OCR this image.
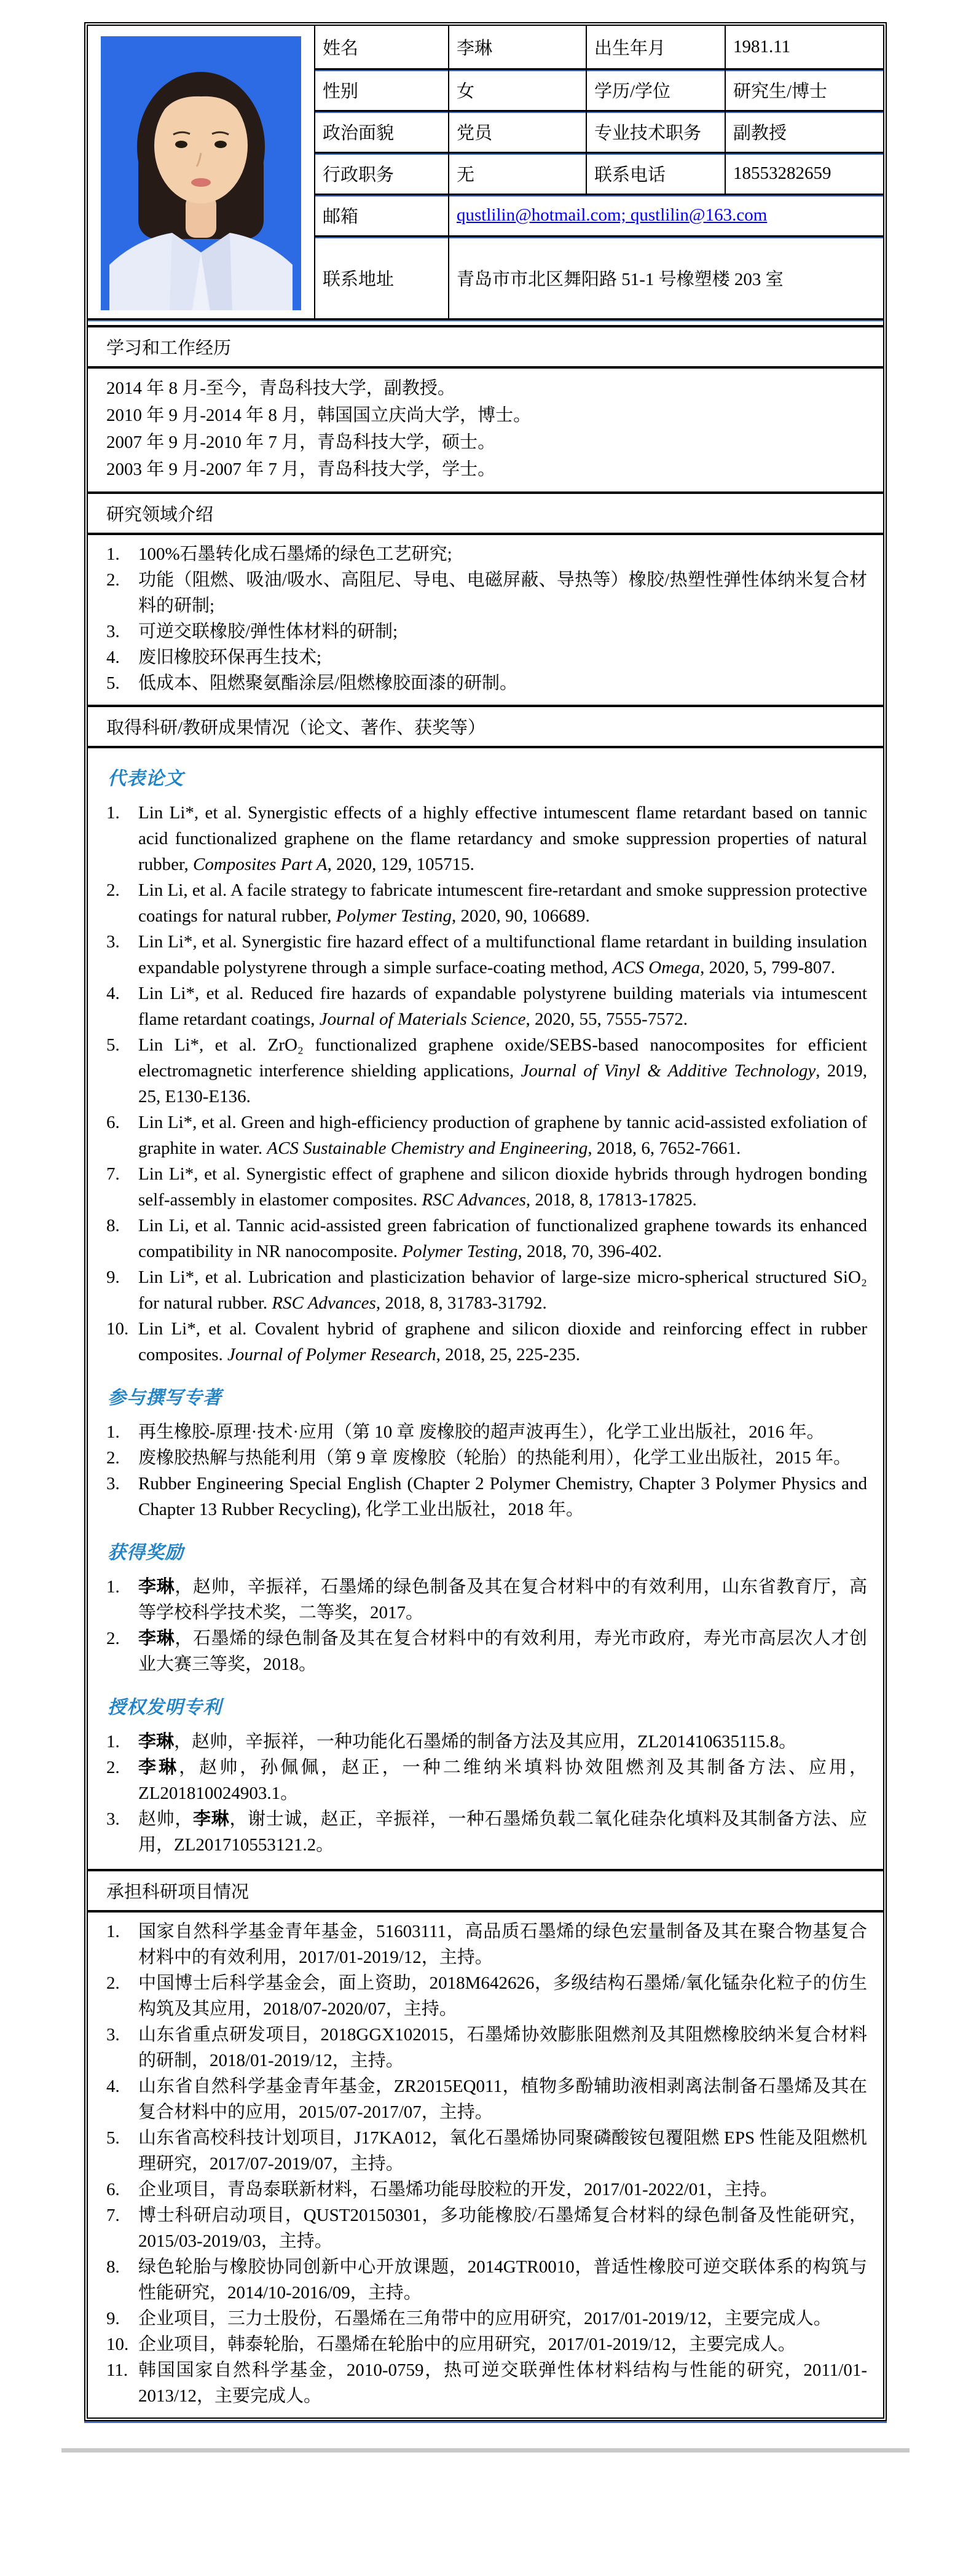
姓名	李琳	出生年月	1981.11
性别	女	学历/学位	研究生/博士
政治面貌	党员	专业技术职务	副教授
行政职务	无	联系电话	18553282659
邮箱	qustlilin@hotmail.com; qustlilin@163.com
联系地址	青岛市市北区舞阳路 51-1 号橡塑楼 203 室
学习和工作经历
2014 年 8 月-至今，青岛科技大学，副教授。
2010 年 9 月-2014 年 8 月，韩国国立庆尚大学，博士。
2007 年 9 月-2010 年 7 月，青岛科技大学，硕士。
2003 年 9 月-2007 年 7 月，青岛科技大学，学士。
研究领域介绍
1.	100%石墨转化成石墨烯的绿色工艺研究;
2.	功能（阻燃、吸油/吸水、高阻尼、导电、电磁屏蔽、导热等）橡胶/热塑性弹性体纳米复合材料的研制;
3.	可逆交联橡胶/弹性体材料的研制;
4.	废旧橡胶环保再生技术;
5.	低成本、阻燃聚氨酯涂层/阻燃橡胶面漆的研制。
取得科研/教研成果情况（论文、著作、获奖等）
代表论文
1.	Lin Li*, et al. Synergistic effects of a highly effective intumescent flame retardant based on tannic acid functionalized graphene on the flame retardancy and smoke suppression properties of natural rubber, Composites Part A, 2020, 129, 105715.
2.	Lin Li, et al. A facile strategy to fabricate intumescent fire-retardant and smoke suppression protective coatings for natural rubber, Polymer Testing, 2020, 90, 106689.
3.	Lin Li*, et al. Synergistic fire hazard effect of a multifunctional flame retardant in building insulation expandable polystyrene through a simple surface-coating method, ACS Omega, 2020, 5, 799-807.
4.	Lin Li*, et al. Reduced fire hazards of expandable polystyrene building materials via intumescent flame retardant coatings, Journal of Materials Science, 2020, 55, 7555-7572.
5.	Lin Li*, et al. ZrO₂ functionalized graphene oxide/SEBS-based nanocomposites for efficient electromagnetic interference shielding applications, Journal of Vinyl & Additive Technology, 2019, 25, E130-E136.
6.	Lin Li*, et al. Green and high-efficiency production of graphene by tannic acid-assisted exfoliation of graphite in water. ACS Sustainable Chemistry and Engineering, 2018, 6, 7652-7661.
7.	Lin Li*, et al. Synergistic effect of graphene and silicon dioxide hybrids through hydrogen bonding self-assembly in elastomer composites. RSC Advances, 2018, 8, 17813-17825.
8.	Lin Li, et al. Tannic acid-assisted green fabrication of functionalized graphene towards its enhanced compatibility in NR nanocomposite. Polymer Testing, 2018, 70, 396-402.
9.	Lin Li*, et al. Lubrication and plasticization behavior of large-size micro-spherical structured SiO₂ for natural rubber. RSC Advances, 2018, 8, 31783-31792.
10. Lin Li*, et al. Covalent hybrid of graphene and silicon dioxide and reinforcing effect in rubber composites. Journal of Polymer Research, 2018, 25, 225-235.
参与撰写专著
1.	再生橡胶-原理·技术·应用（第 10 章 废橡胶的超声波再生），化学工业出版社，2016 年。
2.	废橡胶热解与热能利用（第 9 章 废橡胶（轮胎）的热能利用），化学工业出版社，2015 年。
3.	Rubber Engineering Special English (Chapter 2 Polymer Chemistry, Chapter 3 Polymer Physics and Chapter 13 Rubber Recycling), 化学工业出版社，2018 年。
获得奖励
1.	李琳，赵帅，辛振祥，石墨烯的绿色制备及其在复合材料中的有效利用，山东省教育厅，高等学校科学技术奖，二等奖，2017。
2.	李琳，石墨烯的绿色制备及其在复合材料中的有效利用，寿光市政府，寿光市高层次人才创业大赛三等奖，2018。
授权发明专利
1.	李琳，赵帅，辛振祥，一种功能化石墨烯的制备方法及其应用，ZL201410635115.8。
2.	李琳，赵帅，孙佩佩，赵正，一种二维纳米填料协效阻燃剂及其制备方法、应用，ZL201810024903.1。
3.	赵帅，李琳，谢士诚，赵正，辛振祥，一种石墨烯负载二氧化硅杂化填料及其制备方法、应用，ZL201710553121.2。
承担科研项目情况
1.	国家自然科学基金青年基金，51603111，高品质石墨烯的绿色宏量制备及其在聚合物基复合材料中的有效利用，2017/01-2019/12，主持。
2.	中国博士后科学基金会，面上资助，2018M642626，多级结构石墨烯/氧化锰杂化粒子的仿生构筑及其应用，2018/07-2020/07，主持。
3.	山东省重点研发项目，2018GGX102015，石墨烯协效膨胀阻燃剂及其阻燃橡胶纳米复合材料的研制，2018/01-2019/12，主持。
4.	山东省自然科学基金青年基金，ZR2015EQ011，植物多酚辅助液相剥离法制备石墨烯及其在复合材料中的应用，2015/07-2017/07，主持。
5.	山东省高校科技计划项目，J17KA012，氧化石墨烯协同聚磷酸铵包覆阻燃 EPS 性能及阻燃机理研究，2017/07-2019/07，主持。
6.	企业项目，青岛泰联新材料，石墨烯功能母胶粒的开发，2017/01-2022/01，主持。
7.	博士科研启动项目，QUST20150301，多功能橡胶/石墨烯复合材料的绿色制备及性能研究，2015/03-2019/03，主持。
8.	绿色轮胎与橡胶协同创新中心开放课题，2014GTR0010，普适性橡胶可逆交联体系的构筑与性能研究，2014/10-2016/09，主持。
9.	企业项目，三力士股份，石墨烯在三角带中的应用研究，2017/01-2019/12，主要完成人。
10. 企业项目，韩泰轮胎，石墨烯在轮胎中的应用研究，2017/01-2019/12，主要完成人。
11. 韩国国家自然科学基金，2010-0759，热可逆交联弹性体材料结构与性能的研究，2011/01-2013/12，主要完成人。
